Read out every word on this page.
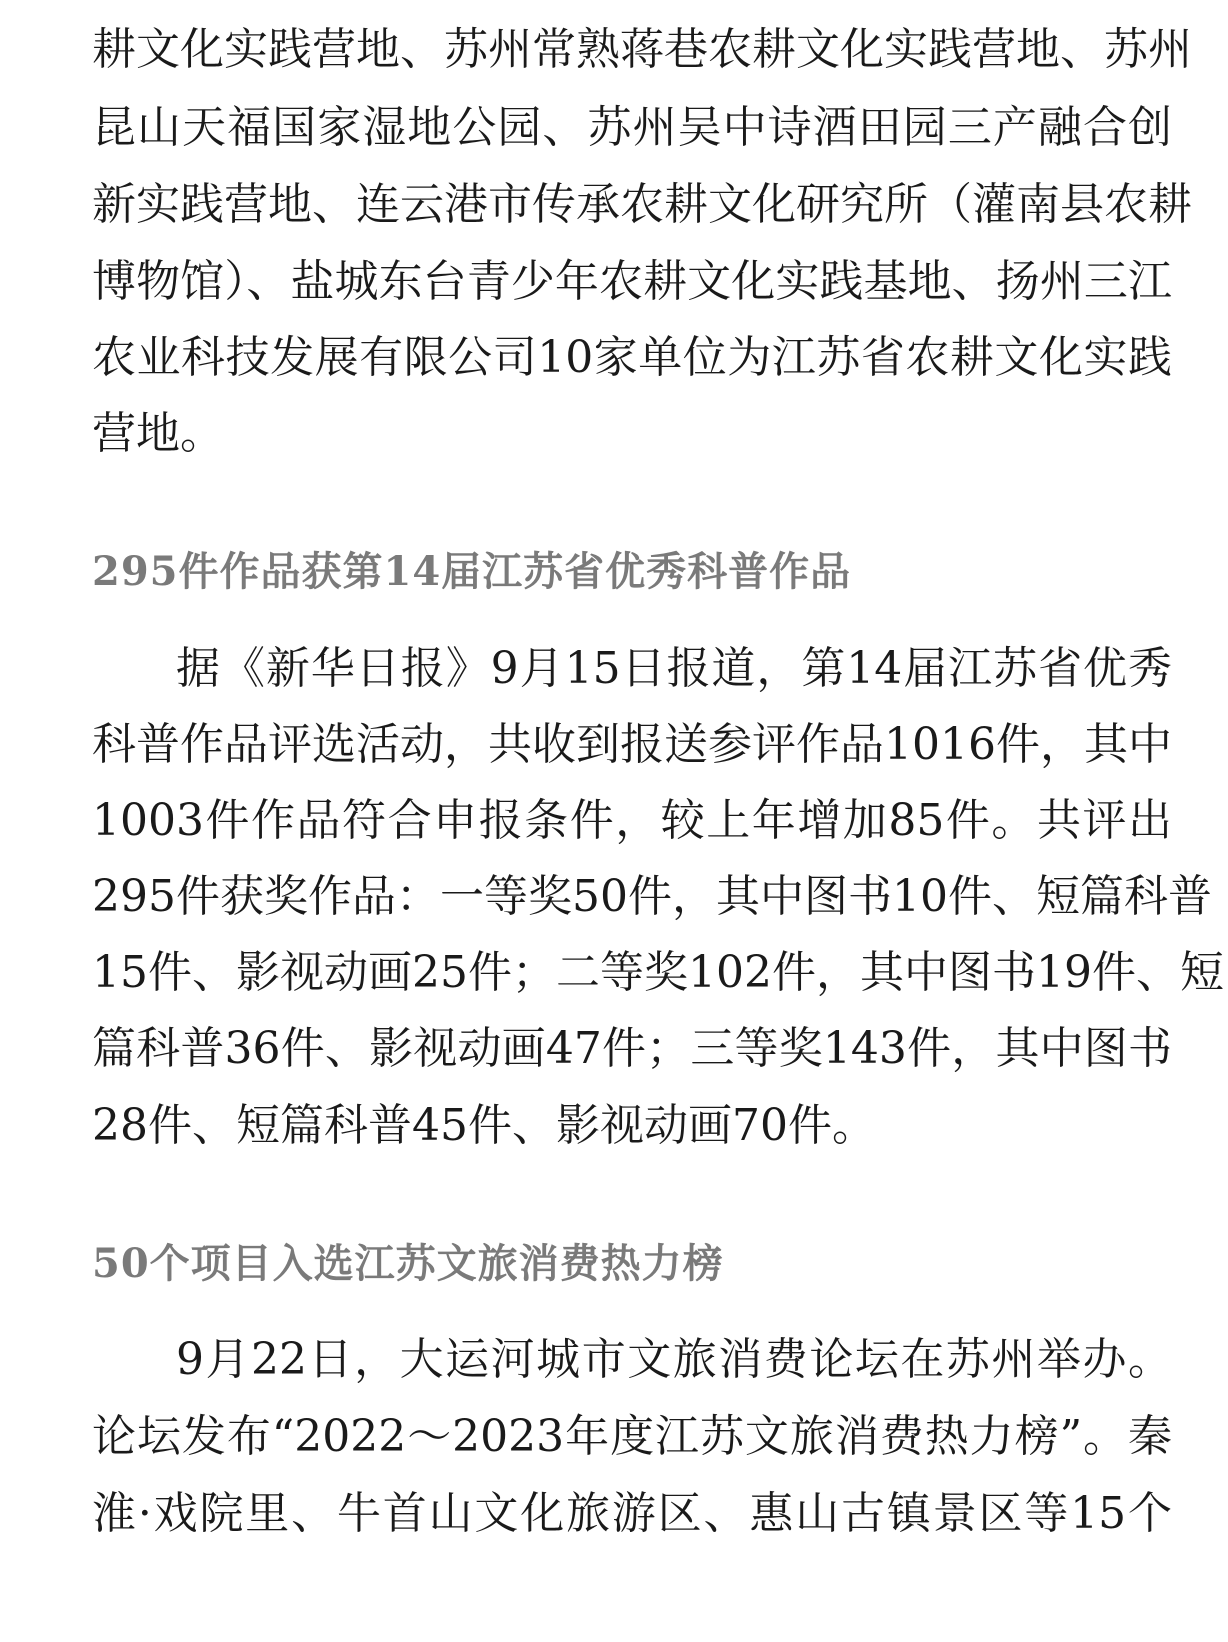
耕文化实践营地、苏州常熟蒋巷农耕文化实践营地、苏州
昆山天福国家湿地公园、苏州吴中诗酒田园三产融合创
新实践营地、连云港市传承农耕文化研究所（灌南县农耕
博物馆）、盐城东台青少年农耕文化实践基地、扬州三江
农业科技发展有限公司10家单位为江苏省农耕文化实践
营地。
295件作品获第14届江苏省优秀科普作品
据《新华日报》9月15日报道，第14届江苏省优秀
科普作品评选活动，共收到报送参评作品1016件，其中
1003件作品符合申报条件，较上年增加85件。共评出
295件获奖作品：一等奖50件，其中图书10件、短篇科普
15件、影视动画25件；二等奖102件，其中图书19件、短
篇科普36件、影视动画47件；三等奖143件，其中图书
28件、短篇科普45件、影视动画70件。
50个项目入选江苏文旅消费热力榜
9月22日，大运河城市文旅消费论坛在苏州举办。
论坛发布“2022～2023年度江苏文旅消费热力榜”。秦
淮·戏院里、牛首山文化旅游区、惠山古镇景区等15个
